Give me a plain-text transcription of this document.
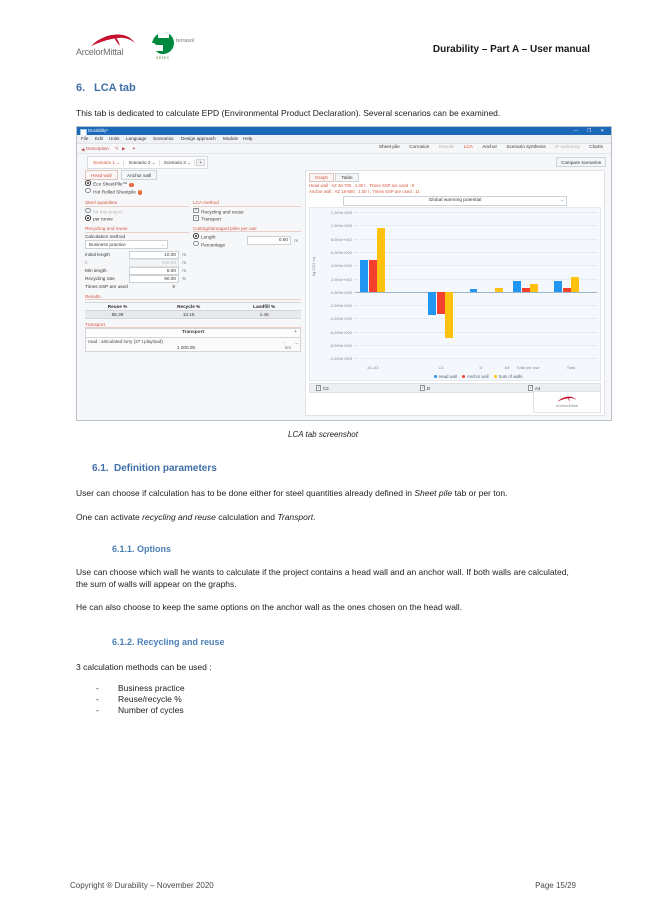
ArcelorMittal
terrasol
setec
Durability – Part A – User manual
6. LCA tab
This tab is dedicated to calculate EPD (Environmental Product Declaration). Several scenarios can be examined.
Durability*	— ❐ ✕
File Edit Units Language Scenarios Design approach Module Help
◀ Description ✎ ▶ ✦	Sheet pile Corrosion Results LCA Anchor Scenario synthesis IF summary Charts
Scenario 1 ⌄ Scenario 2 ⌄ Scenario 3 ⌄ +	Compare scenarios
Head wall	Anchor wall
Eco SheetPile™ !
Hot Rolled Sheetpile !
Steel quantities
for this project
per tonne
LCA method
✓Recycling and reuse
✓Transport
Cutting/damaged piles per use
Length
Percentage
0.60	m
Recycling and reuse
Calculation method
Business practice	⌄
Initial length	10.00	m
⌷	100.00	m
Min length	6.00	m
Recycling rate	90.00	%
Times SSP are used	9
Results
Reuse %	Recycle %	Landfill %
85.39	13.15	1.46
Transport
Transport	+
road : articulated lorry (27 t playload)	⌄
1 200.00	km –
Graph	Table
Head wall : AZ 26-700 , 1.00 t , Times SSP are used : 9
Anchor wall : AZ 18-800 , 1.00 t , Times SSP are used : 11
Global warming potential	⌄
kg CO2 eq
1.200e+003
1.000e+003
8.000e+002
6.000e+002
4.000e+002
2.000e+002
0.000e+000
-2.000e+002
-4.000e+002
-6.000e+002
-8.000e+002
-1.000e+003
A1-A3	C3	D	A4	Total per use	Total
Head wall Anchor wall Sum of walls
✓C3 ✓	D ✓	A4
ArcelorMittal
LCA tab screenshot
6.1. Definition parameters
User can choose if calculation has to be done either for steel quantities already defined in Sheet pile tab or per ton.
One can activate recycling and reuse calculation and Transport.
6.1.1. Options
Use can choose which wall he wants to calculate if the project contains a head wall and an anchor wall. If both walls are calculated, the sum of walls will appear on the graphs.
He can also choose to keep the same options on the anchor wall as the ones chosen on the head wall.
6.1.2. Recycling and reuse
3 calculation methods can be used :
- Business practice
- Reuse/recycle %
- Number of cycles
Copyright ® Durability – November 2020	Page 15/29
